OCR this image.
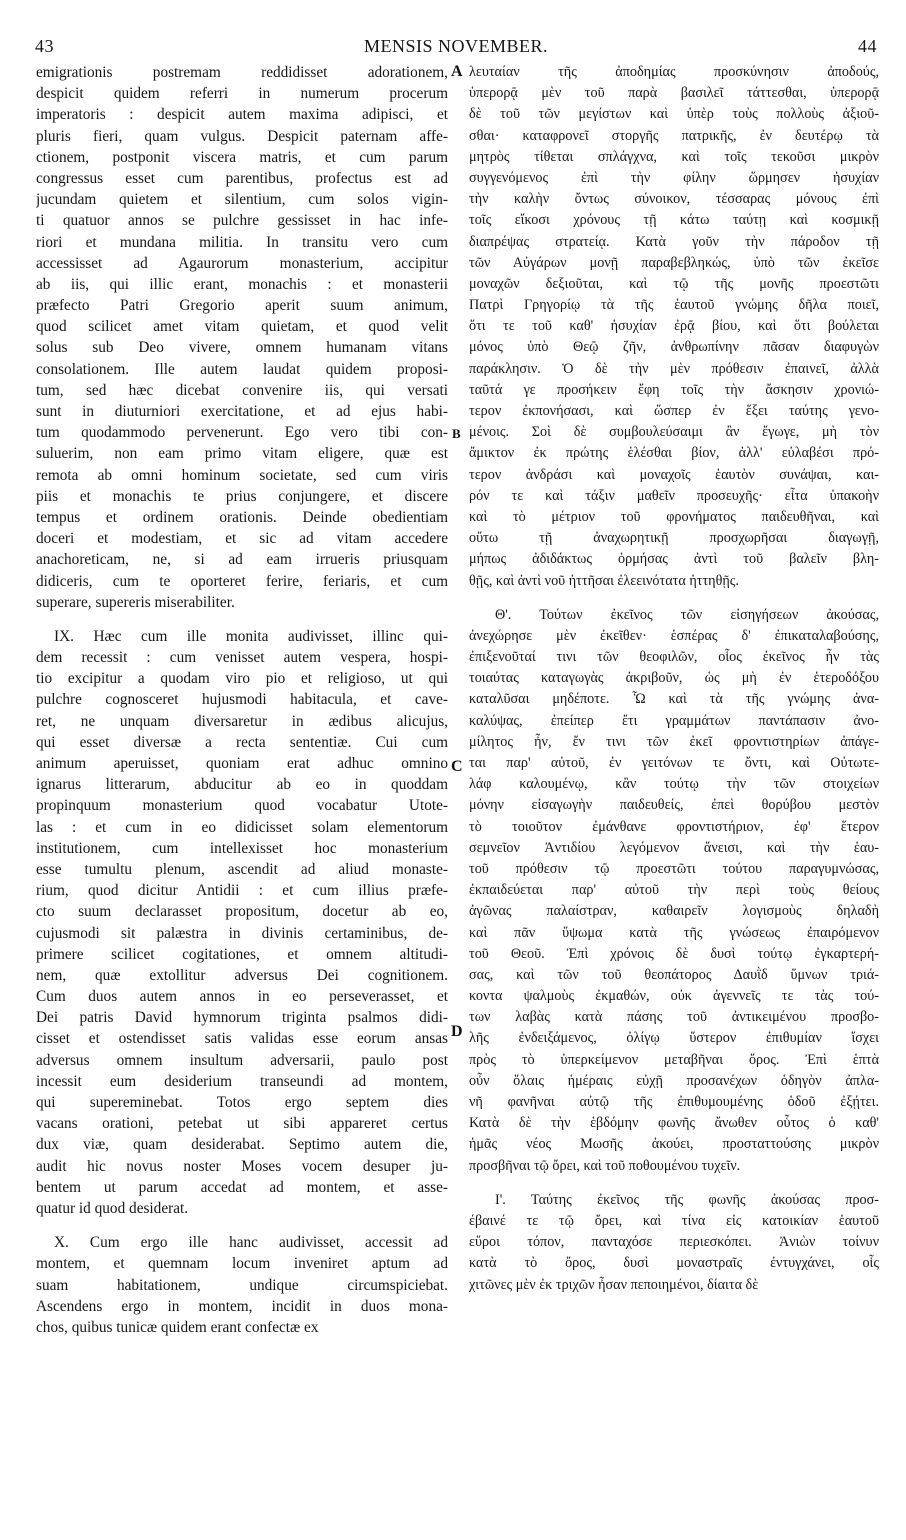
43	MENSIS NOVEMBER.	44
emigrationis postremam reddidisset adorationem,
despicit quidem referri in numerum procerum
imperatoris : despicit autem maxima adipisci, et
pluris fieri, quam vulgus. Despicit paternam affe-
ctionem, postponit viscera matris, et cum parum
congressus esset cum parentibus, profectus est ad
jucundam quietem et silentium, cum solos vigin-
ti quatuor annos se pulchre gessisset in hac infe-
riori et mundana militia. In transitu vero cum
accessisset ad Agaurorum monasterium, accipitur
ab iis, qui illic erant, monachis : et monasterii
præfecto Patri Gregorio aperit suum animum,
quod scilicet amet vitam quietam, et quod velit
solus sub Deo vivere, omnem humanam vitans
consolationem. Ille autem laudat quidem proposi-
tum, sed hæc dicebat convenire iis, qui versati
sunt in diuturniori exercitatione, et ad ejus habi-
tum quodammodo pervenerunt. Ego vero tibi con-
suluerim, non eam primo vitam eligere, quæ est
remota ab omni hominum societate, sed cum viris
piis et monachis te prius conjungere, et discere
tempus et ordinem orationis. Deinde obedientiam
doceri et modestiam, et sic ad vitam accedere
anachoreticam, ne, si ad eam irrueris priusquam
didiceris, cum te oporteret ferire, feriaris, et cum
superare, supereris miserabiliter.
IX. Hæc cum ille monita audivisset, illinc qui-
dem recessit : cum venisset autem vespera, hospi-
tio excipitur a quodam viro pio et religioso, ut qui
pulchre cognosceret hujusmodi habitacula, et cave-
ret, ne unquam diversaretur in ædibus alicujus,
qui esset diversæ a recta sententiæ. Cui cum
animum aperuisset, quoniam erat adhuc omnino
ignarus litterarum, abducitur ab eo in quoddam
propinquum monasterium quod vocabatur Utote-
las : et cum in eo didicisset solam elementorum
institutionem, cum intellexisset hoc monasterium
esse tumultu plenum, ascendit ad aliud monaste-
rium, quod dicitur Antidii : et cum illius præfe-
cto suum declarasset propositum, docetur ab eo,
cujusmodi sit palæstra in divinis certaminibus, de-
primere scilicet cogitationes, et omnem altitudi-
nem, quæ extollitur adversus Dei cognitionem.
Cum duos autem annos in eo perseverasset, et
Dei patris David hymnorum triginta psalmos didi-
cisset et ostendisset satis validas esse eorum ansas
adversus omnem insultum adversarii, paulo post
incessit eum desiderium transeundi ad montem,
qui supereminebat. Totos ergo septem dies
vacans orationi, petebat ut sibi appareret certus
dux viæ, quam desiderabat. Septimo autem die,
audit hic novus noster Moses vocem desuper ju-
bentem ut parum accedat ad montem, et asse-
quatur id quod desiderat.
X. Cum ergo ille hanc audivisset, accessit ad
montem, et quemnam locum inveniret aptum ad
suam habitationem, undique circumspiciebat.
Ascendens ergo in montem, incidit in duos mona-
chos, quibus tunicæ quidem erant confectæ ex
λευταίαν τῆς ἀποδημίας προσκύνησιν ἀποδούς,
ὑπερορᾷ μὲν τοῦ παρὰ βασιλεῖ τάττεσθαι, ὑπερορᾷ
δὲ τοῦ τῶν μεγίστων καὶ ὑπὲρ τοὺς πολλοὺς ἀξιοῦ-
σθαι· καταφρονεῖ στοργῆς πατρικῆς, ἐν δευτέρῳ τὰ
μητρὸς τίθεται σπλάγχνα, καὶ τοῖς τεκοῦσι μικρὸν
συγγενόμενος ἐπὶ τὴν φίλην ὥρμησεν ἡσυχίαν
τὴν καλὴν ὄντως σύνοικον, τέσσαρας μόνους ἐπὶ
τοῖς εἴκοσι χρόνους τῇ κάτω ταύτῃ καὶ κοσμικῇ
διαπρέψας στρατείᾳ. Κατὰ γοῦν τὴν πάροδον τῇ
τῶν Αὐγάρων μονῇ παραβεβληκώς, ὑπὸ τῶν ἐκεῖσε
μοναχῶν δεξιοῦται, καὶ τῷ τῆς μονῆς προεστῶτι
Πατρὶ Γρηγορίῳ τὰ τῆς ἑαυτοῦ γνώμης δῆλα ποιεῖ,
ὅτι τε τοῦ καθ' ἡσυχίαν ἐρᾷ βίου, καὶ ὅτι βούλεται
μόνος ὑπὸ Θεῷ ζῆν, ἀνθρωπίνην πᾶσαν διαφυγὼν
παράκλησιν. Ὁ δὲ τὴν μὲν πρόθεσιν ἐπαινεῖ, ἀλλὰ
ταῦτά γε προσήκειν ἔφη τοῖς τὴν ἄσκησιν χρονιώ-
τερον ἐκπονήσασι, καὶ ὥσπερ ἐν ἕξει ταύτης γενο-
μένοις. Σοὶ δὲ συμβουλεύσαιμι ἂν ἔγωγε, μὴ τὸν
ἄμικτον ἐκ πρώτης ἑλέσθαι βίον, ἀλλ' εὐλαβέσι πρό-
τερον ἀνδράσι καὶ μοναχοῖς ἑαυτὸν συνάψαι, και-
ρόν τε καὶ τάξιν μαθεῖν προσευχῆς· εἶτα ὑπακοὴν
καὶ τὸ μέτριον τοῦ φρονήματος παιδευθῆναι, καὶ
οὕτω τῇ ἀναχωρητικῇ προσχωρῆσαι διαγωγῇ,
μήπως ἀδιδάκτως ὁρμήσας ἀντὶ τοῦ βαλεῖν βλη-
θῇς, καὶ ἀντὶ νοῦ ἡττῆσαι ἐλεεινότατα ἡττηθῇς.
Θ'. Τούτων ἐκεῖνος τῶν εἰσηγήσεων ἀκούσας,
ἀνεχώρησε μὲν ἐκεῖθεν· ἑσπέρας δ' ἐπικαταλαβούσης,
ἐπιξενοῦταί τινι τῶν θεοφιλῶν, οἷος ἐκεῖνος ἦν τὰς
τοιαύτας καταγωγὰς ἀκριβοῦν, ὡς μὴ ἐν ἑτεροδόξου
καταλῦσαι μηδέποτε. Ὧ καὶ τὰ τῆς γνώμης ἀνα-
καλύψας, ἐπείπερ ἔτι γραμμάτων παντάπασιν ἀνο-
μίλητος ἦν, ἔν τινι τῶν ἐκεῖ φροντιστηρίων ἀπάγε-
ται παρ' αὐτοῦ, ἐν γειτόνων τε ὄντι, καὶ Οὐτωτε-
λάφ καλουμένῳ, κἂν τούτῳ τὴν τῶν στοιχείων
μόνην εἰσαγωγὴν παιδευθείς, ἐπεὶ θορύβου μεστὸν
τὸ τοιοῦτον ἐμάνθανε φροντιστήριον, ἐφ' ἕτερον
σεμνεῖον Ἀντιδίου λεγόμενον ἄνεισι, καὶ τὴν ἑαυ-
τοῦ πρόθεσιν τῷ προεστῶτι τούτου παραγυμνώσας,
ἐκπαιδεύεται παρ' αὐτοῦ τὴν περὶ τοὺς θείους
ἀγῶνας παλαίστραν, καθαιρεῖν λογισμοὺς δηλαδὴ
καὶ πᾶν ὕψωμα κατὰ τῆς γνώσεως ἐπαιρόμενον
τοῦ Θεοῦ. Ἐπὶ χρόνοις δὲ δυσὶ τούτῳ ἐγκαρτερή-
σας, καὶ τῶν τοῦ θεοπάτορος Δαυῒδ ὕμνων τριά-
κοντα ψαλμοὺς ἐκμαθών, οὐκ ἀγεννεῖς τε τὰς τού-
των λαβὰς κατὰ πάσης τοῦ ἀντικειμένου προσβο-
λῆς ἐνδειξάμενος, ὀλίγῳ ὕστερον ἐπιθυμίαν ἴσχει
πρὸς τὸ ὑπερκείμενον μεταβῆναι ὄρος. Ἐπὶ ἑπτὰ
οὖν ὅλαις ἡμέραις εὐχῇ προσανέχων ὁδηγὸν ἀπλα-
νῆ φανῆναι αὐτῷ τῆς ἐπιθυμουμένης ὁδοῦ ἐξῄτει.
Κατὰ δὲ τὴν ἑβδόμην φωνῆς ἄνωθεν οὗτος ὁ καθ'
ἡμᾶς νέος Μωσῆς ἀκούει, προσταττούσης μικρὸν
προσβῆναι τῷ ὄρει, καὶ τοῦ ποθουμένου τυχεῖν.
Ι'. Ταύτης ἐκεῖνος τῆς φωνῆς ἀκούσας προσ-
έβαινέ τε τῷ ὄρει, καὶ τίνα εἰς κατοικίαν ἑαυτοῦ
εὕροι τόπον, πανταχόσε περιεσκόπει. Ἀνιὼν τοίνυν
κατὰ τὸ ὄρος, δυσὶ μοναστραῖς ἐντυγχάνει, οἷς
χιτῶνες μὲν ἐκ τριχῶν ἦσαν πεποιημένοι, δίαιτα δὲ
A
B
C
D
